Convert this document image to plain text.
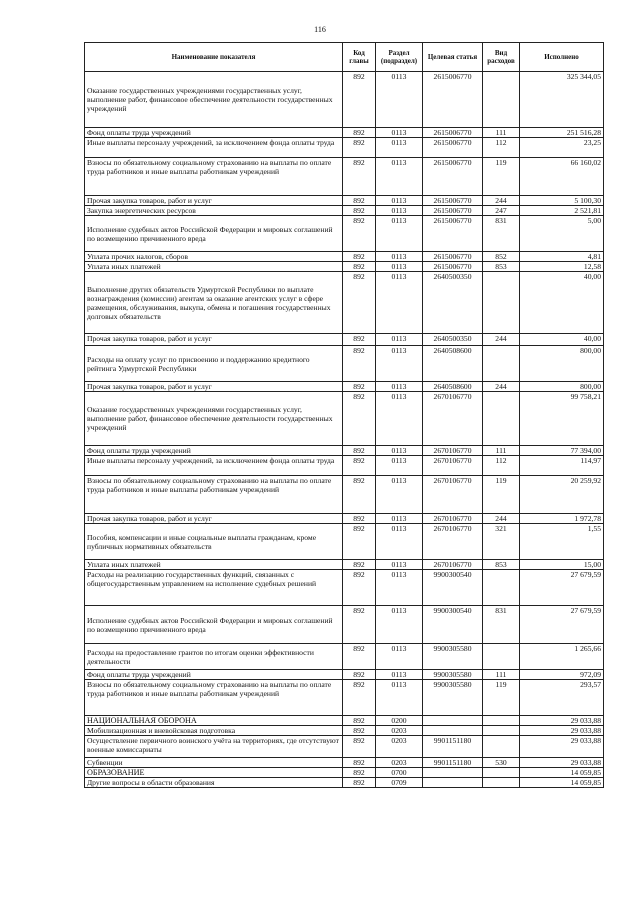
116
Наименование показателя	Код главы	Раздел (подраздел)	Целевая статья	Вид расходов	Исполнено
Оказание государственных учреждениями государственных услуг, выполнение работ, финансовое обеспечение деятельности государственных учреждений	892	0113	2615006770		325 344,05
Фонд оплаты труда учреждений	892	0113	2615006770	111	251 516,28
Иные выплаты персоналу учреждений, за исключением фонда оплаты труда	892	0113	2615006770	112	23,25
Взносы по обязательному социальному страхованию на выплаты по оплате труда работников и иные выплаты работникам учреждений	892	0113	2615006770	119	66 160,02
Прочая закупка товаров, работ и услуг	892	0113	2615006770	244	5 100,30
Закупка энергетических ресурсов	892	0113	2615006770	247	2 521,81
Исполнение судебных актов Российской Федерации и мировых соглашений по возмещению причиненного вреда	892	0113	2615006770	831	5,00
Уплата прочих налогов, сборов	892	0113	2615006770	852	4,81
Уплата иных платежей	892	0113	2615006770	853	12,58
Выполнение других обязательств Удмуртской Республики по выплате вознаграждения (комиссии) агентам за оказание агентских услуг в сфере размещения, обслуживания, выкупа, обмена и погашения государственных долговых обязательств	892	0113	2640500350		40,00
Прочая закупка товаров, работ и услуг	892	0113	2640500350	244	40,00
Расходы на оплату услуг по присвоению и поддержанию кредитного рейтинга Удмуртской Республики	892	0113	2640508600		800,00
Прочая закупка товаров, работ и услуг	892	0113	2640508600	244	800,00
Оказание государственных учреждениями государственных услуг, выполнение работ, финансовое обеспечение деятельности государственных учреждений	892	0113	2670106770		99 758,21
Фонд оплаты труда учреждений	892	0113	2670106770	111	77 394,00
Иные выплаты персоналу учреждений, за исключением фонда оплаты труда	892	0113	2670106770	112	114,97
Взносы по обязательному социальному страхованию на выплаты по оплате труда работников и иные выплаты работникам учреждений	892	0113	2670106770	119	20 259,92
Прочая закупка товаров, работ и услуг	892	0113	2670106770	244	1 972,78
Пособия, компенсации и иные социальные выплаты гражданам, кроме публичных нормативных обязательств	892	0113	2670106770	321	1,55
Уплата иных платежей	892	0113	2670106770	853	15,00
Расходы на реализацию государственных функций, связанных с общегосударственным управлением на исполнение судебных решений	892	0113	9900300540		27 679,59
Исполнение судебных актов Российской Федерации и мировых соглашений по возмещению причиненного вреда	892	0113	9900300540	831	27 679,59
Расходы на предоставление грантов по итогам оценки эффективности деятельности	892	0113	9900305580		1 265,66
Фонд оплаты труда учреждений	892	0113	9900305580	111	972,09
Взносы по обязательному социальному страхованию на выплаты по оплате труда работников и иные выплаты работникам учреждений	892	0113	9900305580	119	293,57
НАЦИОНАЛЬНАЯ ОБОРОНА	892	0200			29 033,88
Мобилизационная и вневойсковая подготовка	892	0203			29 033,88
Осуществление первичного воинского учёта на территориях, где отсутствуют военные комиссариаты	892	0203	9901151180		29 033,88
Субвенции	892	0203	9901151180	530	29 033,88
ОБРАЗОВАНИЕ	892	0700			14 059,85
Другие вопросы в области образования	892	0709			14 059,85
